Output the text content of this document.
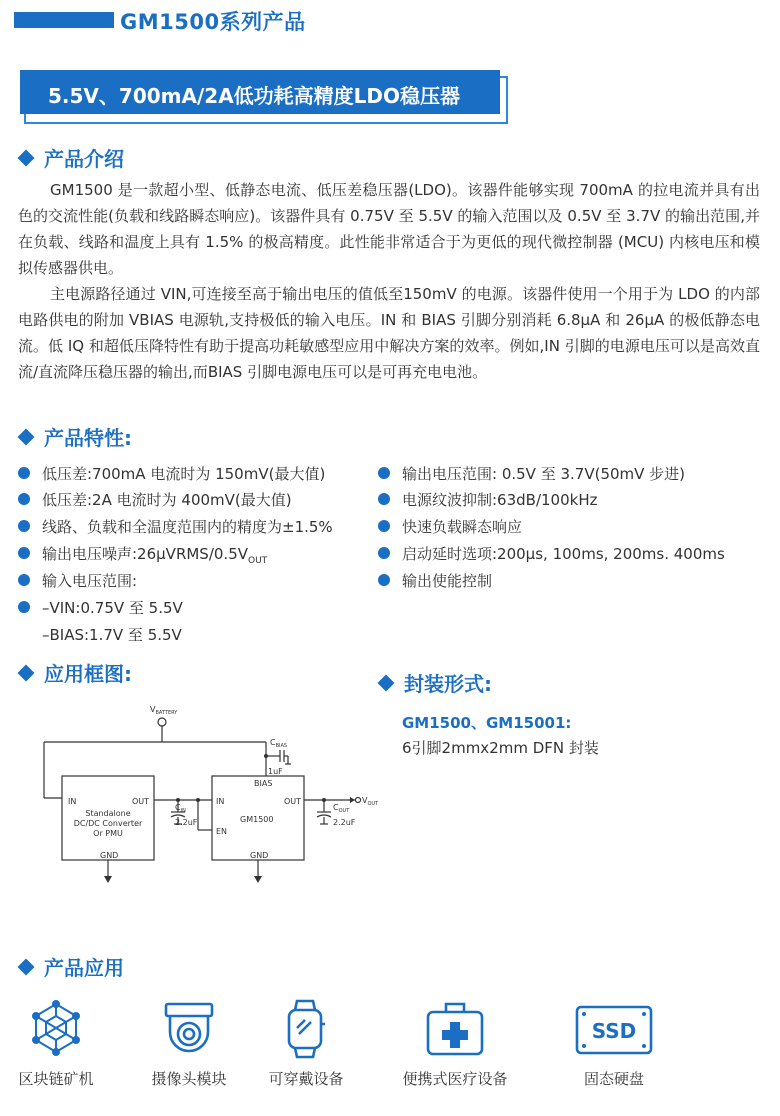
GM1500系列产品
5.5V、700mA/2A低功耗高精度LDO稳压器
产品介绍
GM1500 是一款超小型、低静态电流、低压差稳压器(LDO)。该器件能够实现 700mA 的拉电流并具有出色的交流性能(负载和线路瞬态响应)。该器件具有 0.75V 至 5.5V 的输入范围以及 0.5V 至 3.7V 的输出范围,并在负载、线路和温度上具有 1.5% 的极高精度。此性能非常适合于为更低的现代微控制器 (MCU) 内核电压和模拟传感器供电。
主电源路径通过 VIN,可连接至高于输出电压的值低至150mV 的电源。该器件使用一个用于为 LDO 的内部电路供电的附加 VBIAS 电源轨,支持极低的输入电压。IN 和 BIAS 引脚分别消耗 6.8μA 和 26μA 的极低静态电流。低 IQ 和超低压降特性有助于提高功耗敏感型应用中解决方案的效率。例如,IN 引脚的电源电压可以是高效直流/直流降压稳压器的输出,而BIAS 引脚电源电压可以是可再充电电池。
产品特性:
低压差:700mA 电流时为 150mV(最大值)
低压差:2A 电流时为 400mV(最大值)
线路、负载和全温度范围内的精度为±1.5%
输出电压噪声$:26\mu VRMS/0.5V_{OUT}$
输入电压范围:
–VIN:0.75V 至 5.5V
–BIAS:1.7V 至 5.5V
输出电压范围: 0.5V 至 3.7V(50mV 步进)
电源纹波抑制:63dB/100kHz
快速负载瞬态响应
启动延时选项:200μs, 100ms, 200ms. 400ms
输出使能控制
应用框图:
$V_{BATTERY}$
$C_{BIAS}$
1uF
IN	OUT
Standalone
DC/DC Converter
Or PMU
GND
$C_{IN}$
2.2uF
IN
EN
BIAS
OUT
GM1500
GND
$C_{OUT}$
2.2uF
$V_{OUT}$
封装形式:
GM1500、GM15001:
6引脚2mmx2mm DFN 封装
产品应用
SSD
区块链矿机	摄像头模块	可穿戴设备	便携式医疗设备	固态硬盘
